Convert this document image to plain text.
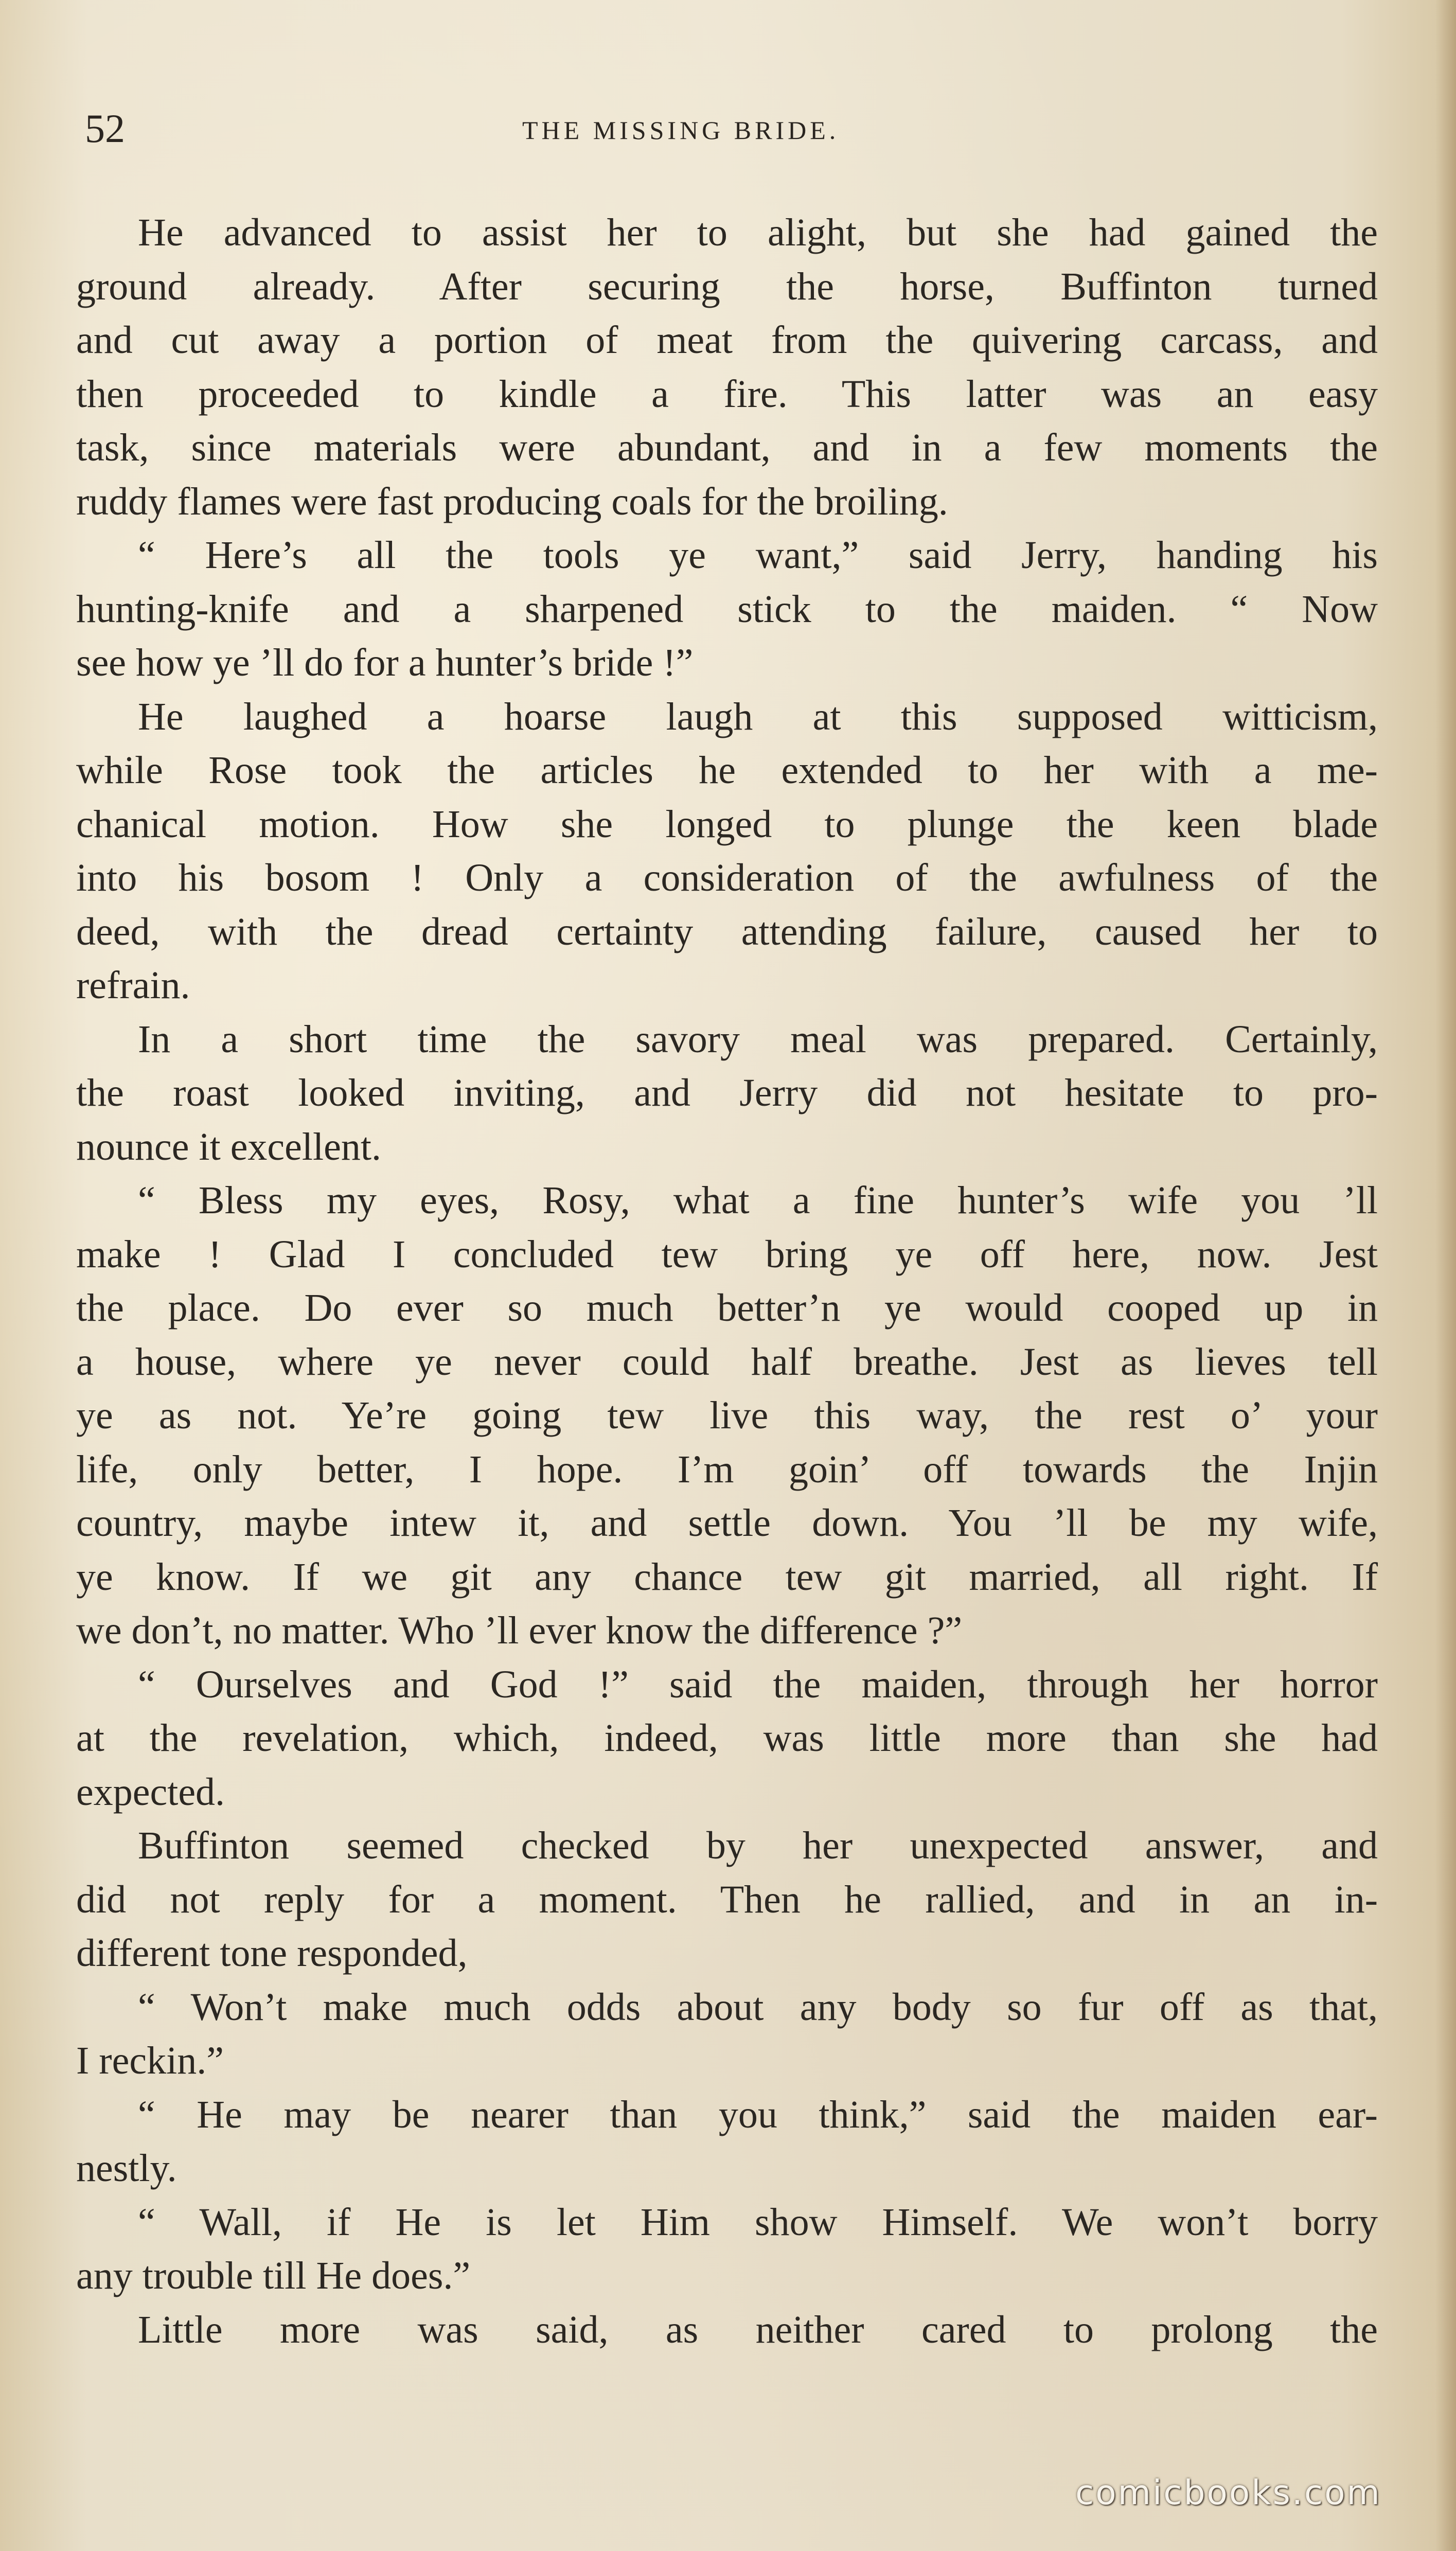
52	THE MISSING BRIDE.
He advanced to assist her to alight, but she had gained the
ground already. After securing the horse, Buffinton turned
and cut away a portion of meat from the quivering carcass, and
then proceeded to kindle a fire. This latter was an easy
task, since materials were abundant, and in a few moments the
ruddy flames were fast producing coals for the broiling.
“ Here’s all the tools ye want,” said Jerry, handing his
hunting-knife and a sharpened stick to the maiden. “ Now
see how ye ’ll do for a hunter’s bride !”
He laughed a hoarse laugh at this supposed witticism,
while Rose took the articles he extended to her with a me-
chanical motion. How she longed to plunge the keen blade
into his bosom ! Only a consideration of the awfulness of the
deed, with the dread certainty attending failure, caused her to
refrain.
In a short time the savory meal was prepared. Certainly,
the roast looked inviting, and Jerry did not hesitate to pro-
nounce it excellent.
“ Bless my eyes, Rosy, what a fine hunter’s wife you ’ll
make ! Glad I concluded tew bring ye off here, now. Jest
the place. Do ever so much better’n ye would cooped up in
a house, where ye never could half breathe. Jest as lieves tell
ye as not. Ye’re going tew live this way, the rest o’ your
life, only better, I hope. I’m goin’ off towards the Injin
country, maybe intew it, and settle down. You ’ll be my wife,
ye know. If we git any chance tew git married, all right. If
we don’t, no matter. Who ’ll ever know the difference ?”
“ Ourselves and God !” said the maiden, through her horror
at the revelation, which, indeed, was little more than she had
expected.
Buffinton seemed checked by her unexpected answer, and
did not reply for a moment. Then he rallied, and in an in-
different tone responded,
“ Won’t make much odds about any body so fur off as that,
I reckin.”
“ He may be nearer than you think,” said the maiden ear-
nestly.
“ Wall, if He is let Him show Himself. We won’t borry
any trouble till He does.”
Little more was said, as neither cared to prolong the
comicbooks.com
